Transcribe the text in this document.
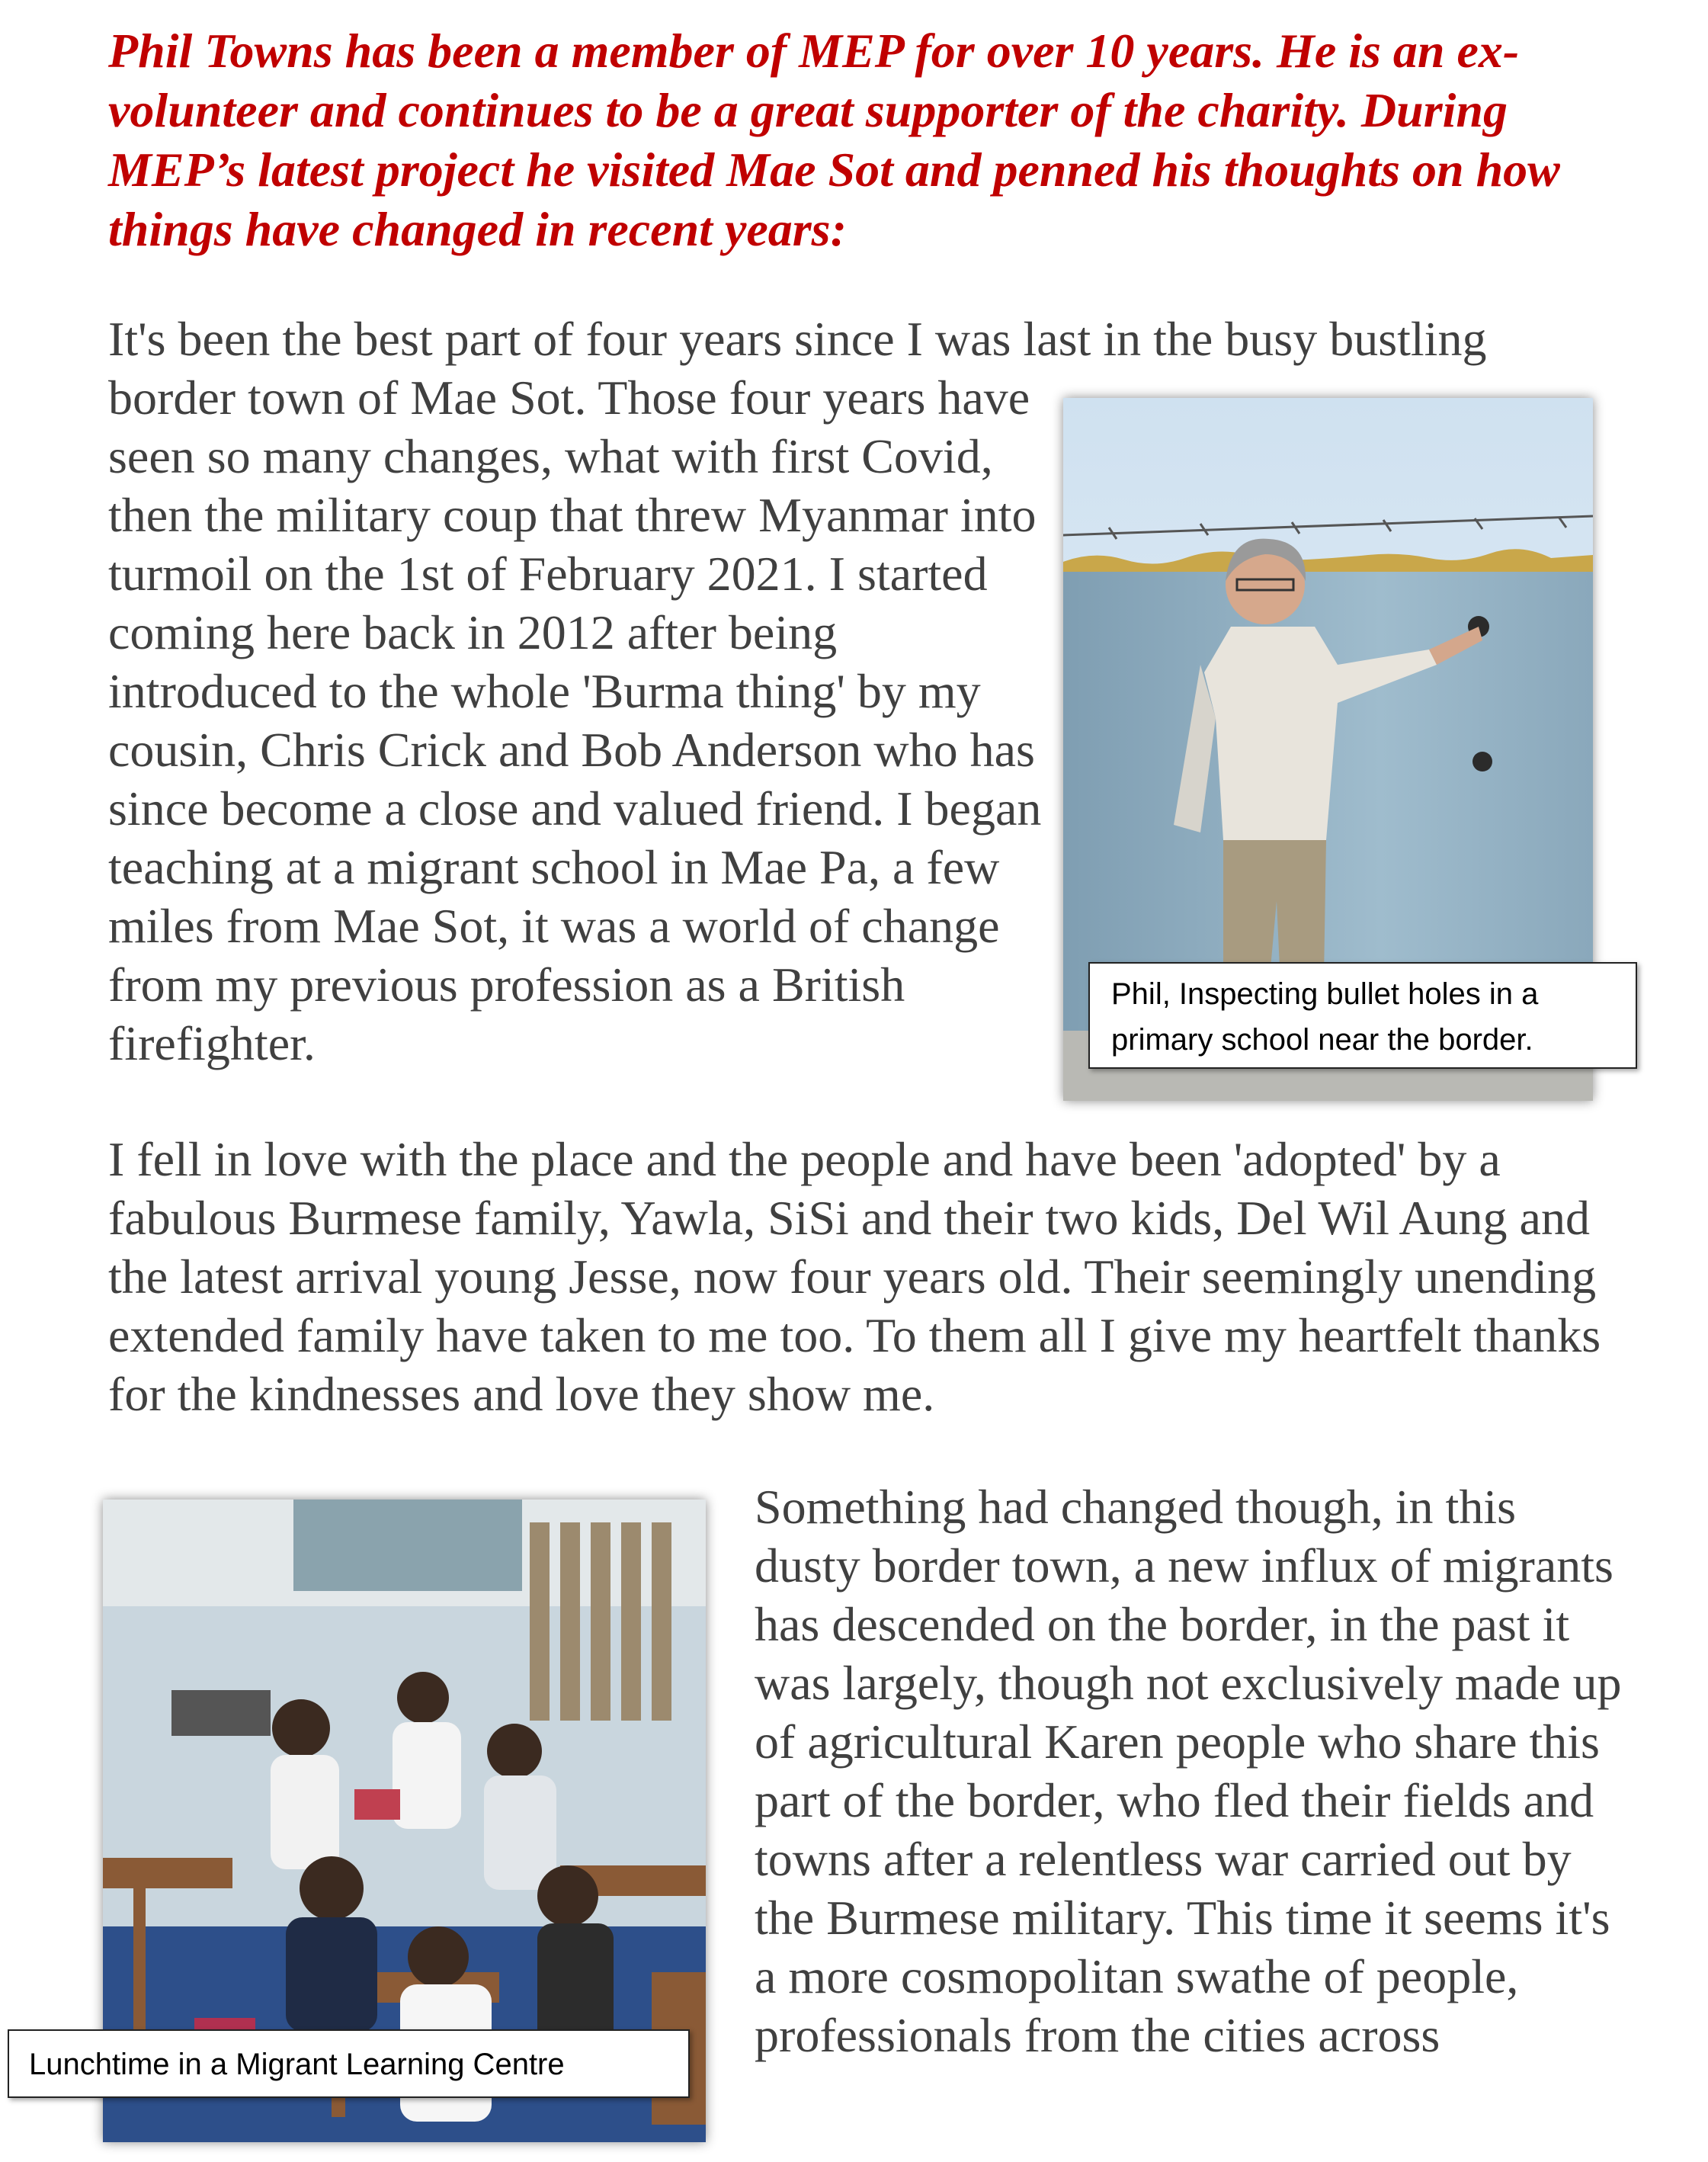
Phil Towns has been a member of MEP for over 10 years. He is an ex-volunteer and continues to be a great supporter of the charity. During MEP’s latest project he visited Mae Sot and penned his thoughts on how things have changed in recent years:

It's been the best part of four years since I was last in the busy bustling

border town of Mae Sot. Those four years have seen so many changes, what with first Covid, then the military coup that threw Myanmar into turmoil on the 1st of February 2021. I started coming here back in 2012 after being introduced to the whole 'Burma thing' by my cousin, Chris Crick and Bob Anderson who has since become a close and valued friend. I began teaching at a migrant school in Mae Pa, a few miles from Mae Sot, it was a world of change from my previous profession as a British firefighter.

Phil, Inspecting bullet holes in a
primary school near the border.

I fell in love with the place and the people and have been 'adopted' by a fabulous Burmese family, Yawla, SiSi and their two kids, Del Wil Aung and the latest arrival young Jesse, now four years old. Their seemingly unending extended family have taken to me too. To them all I give my heartfelt thanks for the kindnesses and love they show me.

Lunchtime in a Migrant Learning Centre

Something had changed though, in this dusty border town, a new influx of migrants has descended on the border, in the past it was largely, though not exclusively made up of agricultural Karen people who share this part of the border, who fled their fields and towns after a relentless war carried out by the Burmese military. This time it seems it's a more cosmopolitan swathe of people, professionals from the cities across
